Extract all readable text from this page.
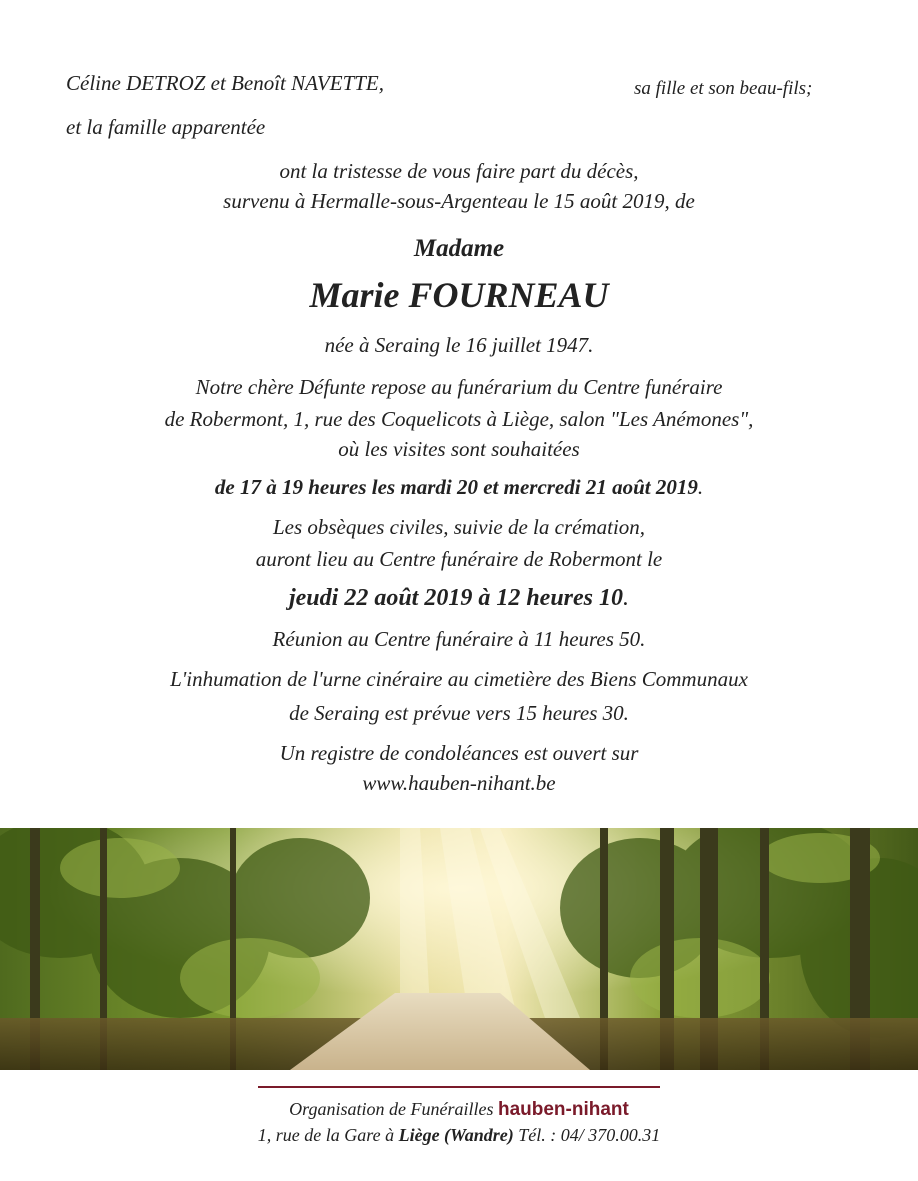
Céline DETROZ et Benoît NAVETTE,	sa fille et son beau-fils;
et la famille apparentée
ont la tristesse de vous faire part du décès,
survenu à Hermalle-sous-Argenteau le 15 août 2019, de
Madame
Marie FOURNEAU
née à Seraing le 16 juillet 1947.
Notre chère Défunte repose au funérarium du Centre funéraire
de Robermont, 1, rue des Coquelicots à Liège, salon "Les Anémones",
où les visites sont souhaitées
de 17 à 19 heures les mardi 20 et mercredi 21 août 2019.
Les obsèques civiles, suivie de la crémation,
auront lieu au Centre funéraire de Robermont le
jeudi 22 août 2019 à 12 heures 10.
Réunion au Centre funéraire à 11 heures 50.
L'inhumation de l'urne cinéraire au cimetière des Biens Communaux
de Seraing est prévue vers 15 heures 30.
Un registre de condoléances est ouvert sur
www.hauben-nihant.be
Organisation de Funérailles hauben-nihant
1, rue de la Gare à Liège (Wandre) Tél. : 04/ 370.00.31
